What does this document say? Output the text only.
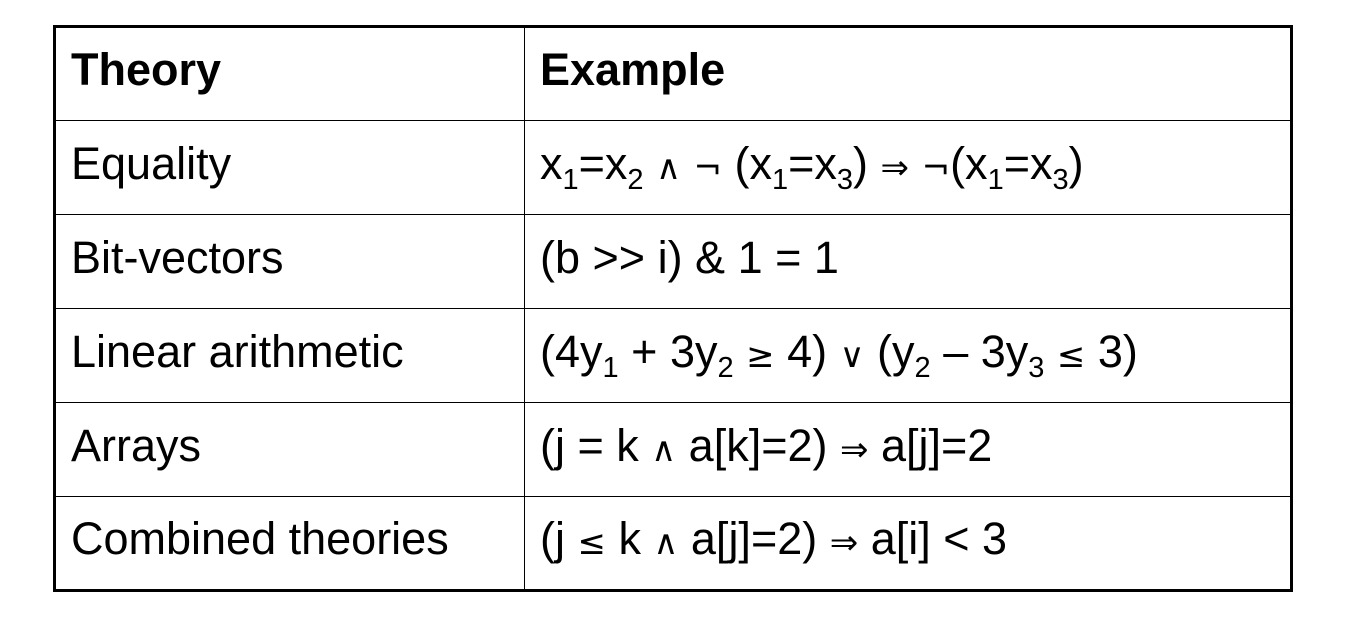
Theory	Example
Equality	$x_1=x_2$ ∧ ¬ $(x_1=x_3)$ ⇒ $\neg(x_1=x_3)$
Bit-vectors	(b >> i) & 1 = 1
Linear arithmetic	$(4y_1 + 3y_2 \ge 4)$ ∨ $(y_2 - 3y_3 \le 3)$
Arrays	(j = k ∧ a[k]=2) ⇒ a[j]=2
Combined theories	(j ≤ k ∧ a[j]=2) ⇒ a[i] < 3
